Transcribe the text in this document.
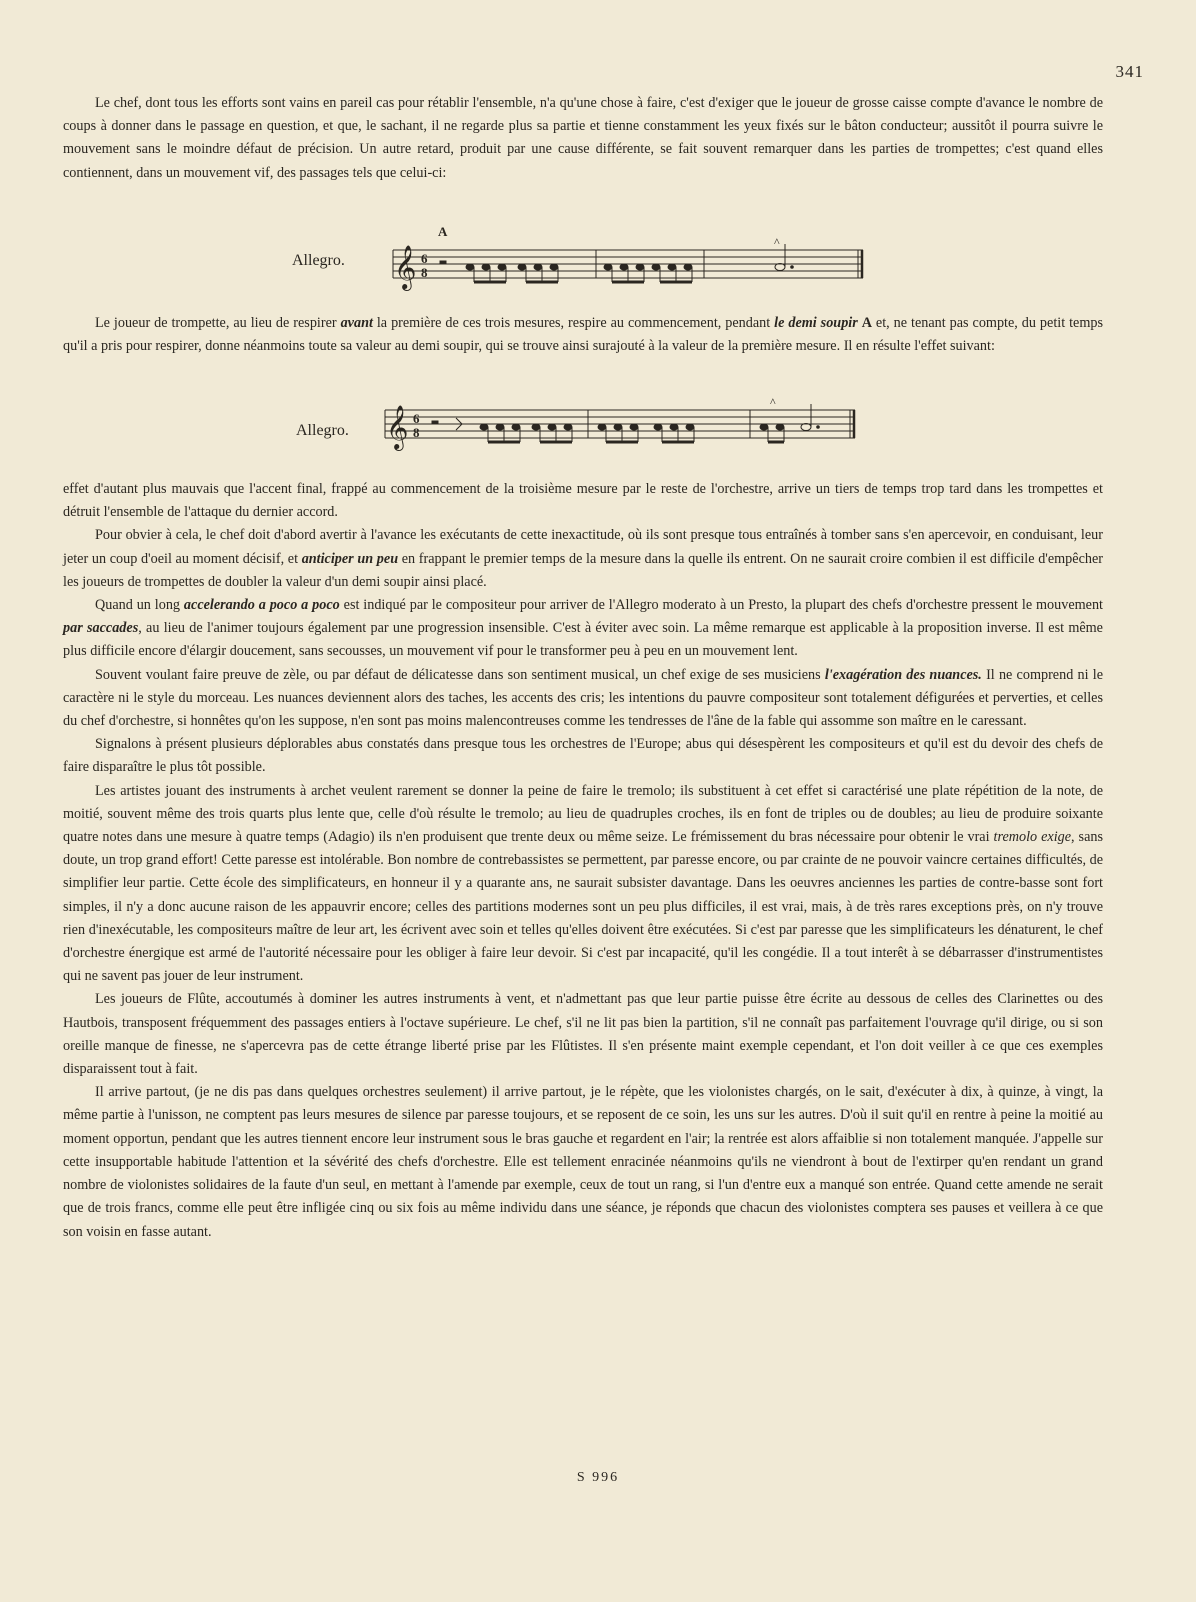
341

Le chef, dont tous les efforts sont vains en pareil cas pour rétablir l'ensemble, n'a qu'une chose à faire, c'est d'exiger que le joueur de grosse caisse compte d'avance le nombre de coups à donner dans le passage en question, et que, le sachant, il ne regarde plus sa partie et tienne constamment les yeux fixés sur le bâton conducteur; aussitôt il pourra suivre le mouvement sans le moindre défaut de précision. Un autre retard, produit par une cause différente, se fait souvent remarquer dans les parties de trompettes; c'est quand elles contiennent, dans un mouvement vif, des passages tels que celui-ci:

Allegro.
A
𝄞 6
8
^

Le joueur de trompette, au lieu de respirer avant la première de ces trois mesures, respire au commencement, pendant le demi soupir A et, ne tenant pas compte, du petit temps qu'il a pris pour respirer, donne néanmoins toute sa valeur au demi soupir, qui se trouve ainsi surajouté à la valeur de la première mesure. Il en résulte l'effet suivant:

Allegro. 𝄞 6
8
^

effet d'autant plus mauvais que l'accent final, frappé au commencement de la troisième mesure par le reste de l'orchestre, arrive un tiers de temps trop tard dans les trompettes et détruit l'ensemble de l'attaque du dernier accord.

Pour obvier à cela, le chef doit d'abord avertir à l'avance les exécutants de cette inexactitude, où ils sont presque tous entraînés à tomber sans s'en apercevoir, en conduisant, leur jeter un coup d'oeil au moment décisif, et anticiper un peu en frappant le premier temps de la mesure dans la quelle ils entrent. On ne saurait croire combien il est difficile d'empêcher les joueurs de trompettes de doubler la valeur d'un demi soupir ainsi placé.

Quand un long accelerando a poco a poco est indiqué par le compositeur pour arriver de l'Allegro moderato à un Presto, la plupart des chefs d'orchestre pressent le mouvement par saccades, au lieu de l'animer toujours également par une progression insensible. C'est à éviter avec soin. La même remarque est applicable à la proposition inverse. Il est même plus difficile encore d'élargir doucement, sans secousses, un mouvement vif pour le transformer peu à peu en un mouvement lent.

Souvent voulant faire preuve de zèle, ou par défaut de délicatesse dans son sentiment musical, un chef exige de ses musiciens l'exagération des nuances. Il ne comprend ni le caractère ni le style du morceau. Les nuances deviennent alors des taches, les accents des cris; les intentions du pauvre compositeur sont totalement défigurées et perverties, et celles du chef d'orchestre, si honnêtes qu'on les suppose, n'en sont pas moins malencontreuses comme les tendresses de l'âne de la fable qui assomme son maître en le caressant.

Signalons à présent plusieurs déplorables abus constatés dans presque tous les orchestres de l'Europe; abus qui désespèrent les compositeurs et qu'il est du devoir des chefs de faire disparaître le plus tôt possible.

Les artistes jouant des instruments à archet veulent rarement se donner la peine de faire le tremolo; ils substituent à cet effet si caractérisé une plate répétition de la note, de moitié, souvent même des trois quarts plus lente que, celle d'où résulte le tremolo; au lieu de quadruples croches, ils en font de triples ou de doubles; au lieu de produire soixante quatre notes dans une mesure à quatre temps (Adagio) ils n'en produisent que trente deux ou même seize. Le frémissement du bras nécessaire pour obtenir le vrai tremolo exige, sans doute, un trop grand effort! Cette paresse est intolérable. Bon nombre de contrebassistes se permettent, par paresse encore, ou par crainte de ne pouvoir vaincre certaines difficultés, de simplifier leur partie. Cette école des simplificateurs, en honneur il y a quarante ans, ne saurait subsister davantage. Dans les oeuvres anciennes les parties de contre-basse sont fort simples, il n'y a donc aucune raison de les appauvrir encore; celles des partitions modernes sont un peu plus difficiles, il est vrai, mais, à de très rares exceptions près, on n'y trouve rien d'inexécutable, les compositeurs maître de leur art, les écrivent avec soin et telles qu'elles doivent être exécutées. Si c'est par paresse que les simplificateurs les dénaturent, le chef d'orchestre énergique est armé de l'autorité nécessaire pour les obliger à faire leur devoir. Si c'est par incapacité, qu'il les congédie. Il a tout interêt à se débarrasser d'instrumentistes qui ne savent pas jouer de leur instrument.

Les joueurs de Flûte, accoutumés à dominer les autres instruments à vent, et n'admettant pas que leur partie puisse être écrite au dessous de celles des Clarinettes ou des Hautbois, transposent fréquemment des passages entiers à l'octave supérieure. Le chef, s'il ne lit pas bien la partition, s'il ne connaît pas parfaitement l'ouvrage qu'il dirige, ou si son oreille manque de finesse, ne s'apercevra pas de cette étrange liberté prise par les Flûtistes. Il s'en présente maint exemple cependant, et l'on doit veiller à ce que ces exemples disparaissent tout à fait.

Il arrive partout, (je ne dis pas dans quelques orchestres seulement) il arrive partout, je le répète, que les violonistes chargés, on le sait, d'exécuter à dix, à quinze, à vingt, la même partie à l'unisson, ne comptent pas leurs mesures de silence par paresse toujours, et se reposent de ce soin, les uns sur les autres. D'où il suit qu'il en rentre à peine la moitié au moment opportun, pendant que les autres tiennent encore leur instrument sous le bras gauche et regardent en l'air; la rentrée est alors affaiblie si non totalement manquée. J'appelle sur cette insupportable habitude l'attention et la sévérité des chefs d'orchestre. Elle est tellement enracinée néanmoins qu'ils ne viendront à bout de l'extirper qu'en rendant un grand nombre de violonistes solidaires de la faute d'un seul, en mettant à l'amende par exemple, ceux de tout un rang, si l'un d'entre eux a manqué son entrée. Quand cette amende ne serait que de trois francs, comme elle peut être infligée cinq ou six fois au même individu dans une séance, je réponds que chacun des violonistes comptera ses pauses et veillera à ce que son voisin en fasse autant.

S 996
